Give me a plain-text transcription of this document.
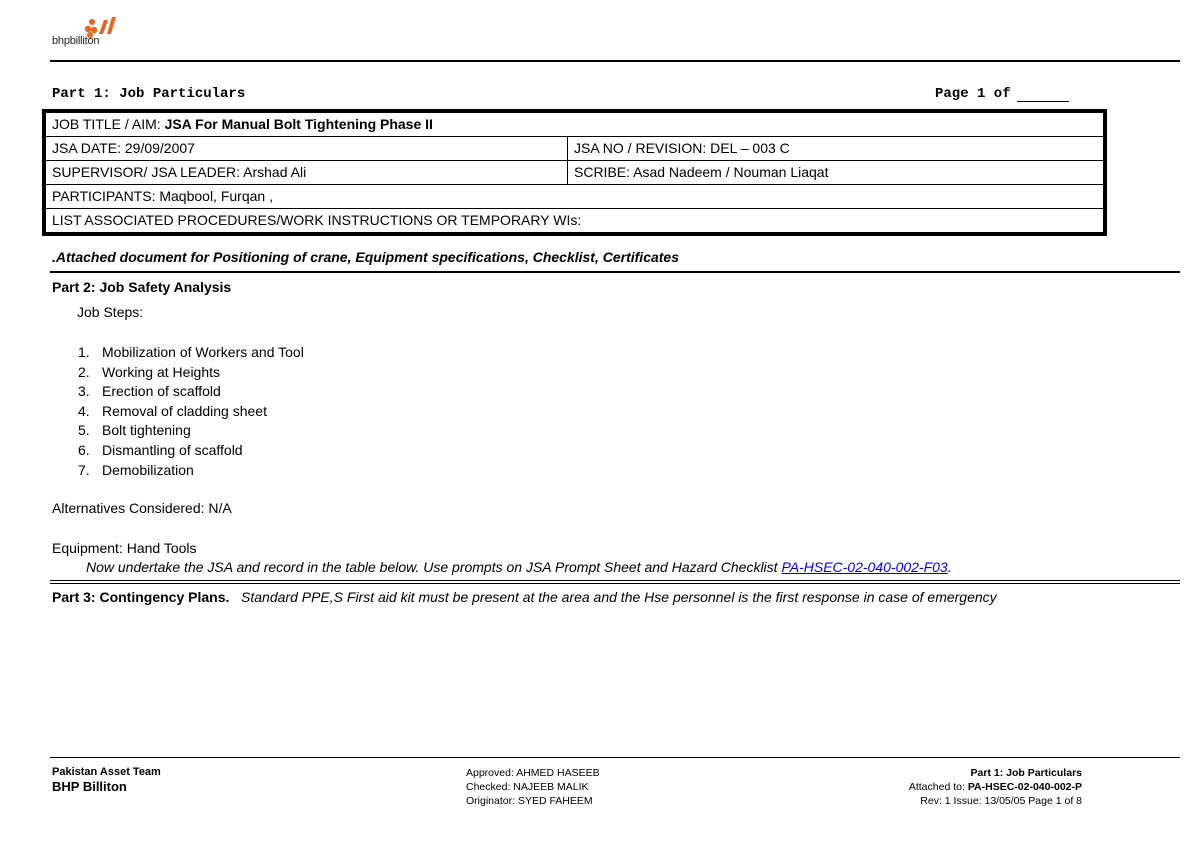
bhpbilliton
Part 1: Job Particulars	Page 1 of
JOB TITLE / AIM: JSA For Manual Bolt Tightening Phase II
JSA DATE: 29/09/2007	JSA NO / REVISION: DEL – 003 C
SUPERVISOR/ JSA LEADER: Arshad Ali	SCRIBE: Asad Nadeem / Nouman Liaqat
PARTICIPANTS: Maqbool, Furqan ,
LIST ASSOCIATED PROCEDURES/WORK INSTRUCTIONS OR TEMPORARY WIs:
.Attached document for Positioning of crane, Equipment specifications, Checklist, Certificates
Part 2: Job Safety Analysis
Job Steps:
1. Mobilization of Workers and Tool
2. Working at Heights
3. Erection of scaffold
4. Removal of cladding sheet
5. Bolt tightening
6. Dismantling of scaffold
7. Demobilization
Alternatives Considered: N/A
Equipment: Hand Tools
Now undertake the JSA and record in the table below. Use prompts on JSA Prompt Sheet and Hazard Checklist PA-HSEC-02-040-002-F03.
Part 3: Contingency Plans. Standard PPE,S First aid kit must be present at the area and the Hse personnel is the first response in case of emergency
Pakistan Asset Team
BHP Billiton
Approved: AHMED HASEEB
Checked: NAJEEB MALIK
Originator: SYED FAHEEM
Part 1: Job Particulars
Attached to: PA-HSEC-02-040-002-P
Rev: 1 Issue: 13/05/05 Page 1 of 8
